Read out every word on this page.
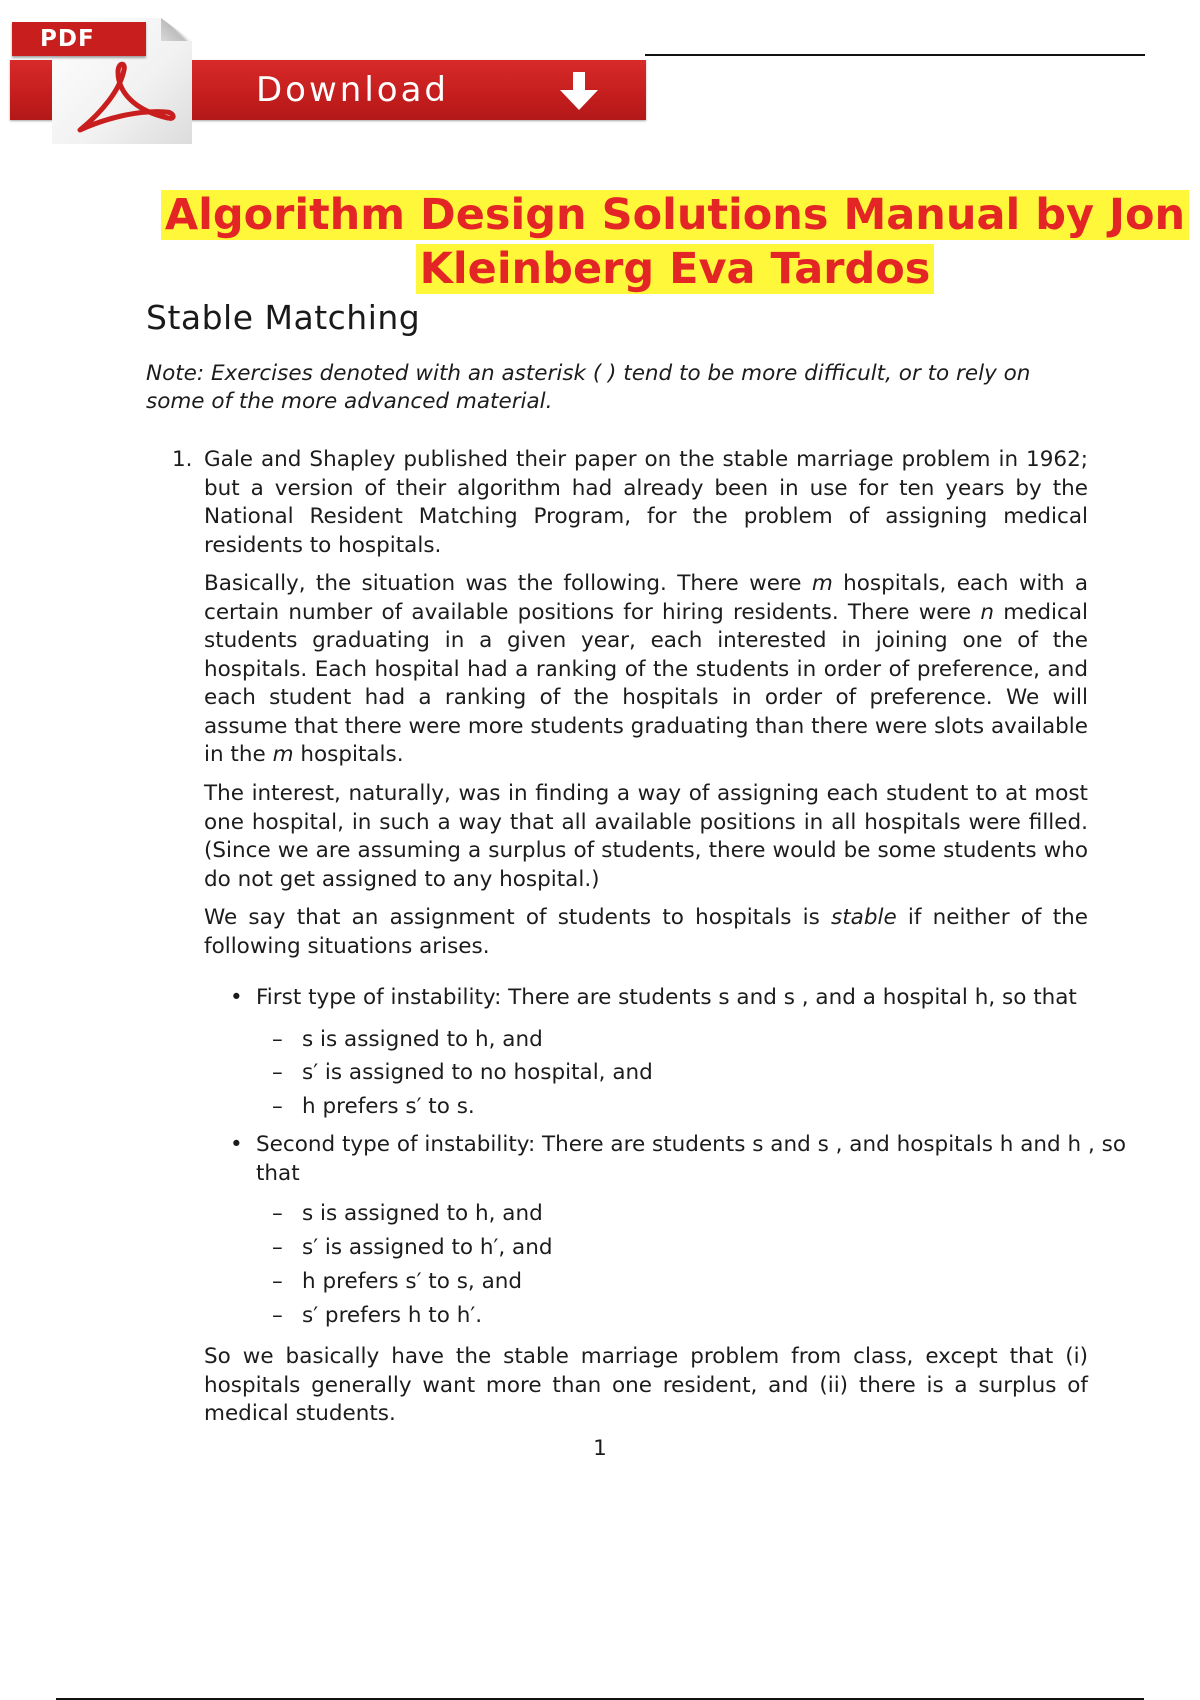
PDF
Download
Algorithm Design Solutions Manual by Jon
Kleinberg Eva Tardos
Stable Matching
Note: Exercises denoted with an asterisk ( ) tend to be more difficult, or to rely on some of the more advanced material.
1. Gale and Shapley published their paper on the stable marriage problem in 1962; but a version of their algorithm had already been in use for ten years by the National Resident Matching Program, for the problem of assigning medical residents to hospitals.
Basically, the situation was the following. There were m hospitals, each with a certain number of available positions for hiring residents. There were n medical students graduating in a given year, each interested in joining one of the hospitals. Each hospital had a ranking of the students in order of preference, and each student had a ranking of the hospitals in order of preference. We will assume that there were more students graduating than there were slots available in the m hospitals.
The interest, naturally, was in finding a way of assigning each student to at most one hospital, in such a way that all available positions in all hospitals were filled. (Since we are assuming a surplus of students, there would be some students who do not get assigned to any hospital.)
We say that an assignment of students to hospitals is stable if neither of the following situations arises.
• First type of instability: There are students s and s , and a hospital h, so that
– s is assigned to h, and
– s′ is assigned to no hospital, and
– h prefers s′ to s.
• Second type of instability: There are students s and s , and hospitals h and h , so that
– s is assigned to h, and
– s′ is assigned to h′, and
– h prefers s′ to s, and
– s′ prefers h to h′.
So we basically have the stable marriage problem from class, except that (i) hospitals generally want more than one resident, and (ii) there is a surplus of medical students.
1
